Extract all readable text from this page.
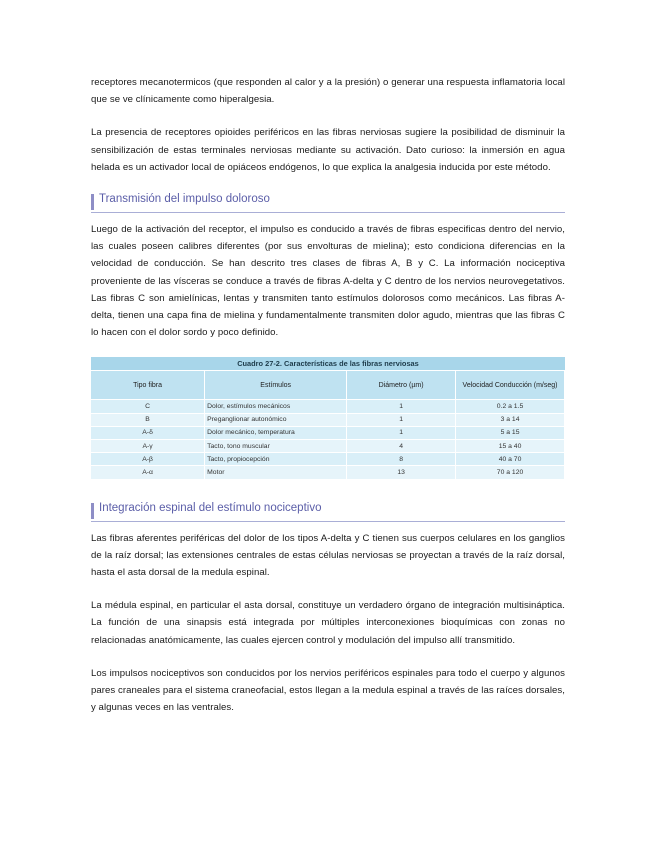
receptores mecanotermicos (que responden al calor y a la presión) o generar una respuesta inflamatoria local que se ve clínicamente como hiperalgesia.

La presencia de receptores opioides periféricos en las fibras nerviosas sugiere la posibilidad de disminuir la sensibilización de estas terminales nerviosas mediante su activación. Dato curioso: la inmersión en agua helada es un activador local de opiáceos endógenos, lo que explica la analgesia inducida por este método.

Transmisión del impulso doloroso

Luego de la activación del receptor, el impulso es conducido a través de fibras especificas dentro del nervio, las cuales poseen calibres diferentes (por sus envolturas de mielina); esto condiciona diferencias en la velocidad de conducción. Se han descrito tres clases de fibras A, B y C. La información nociceptiva proveniente de las vísceras se conduce a través de fibras A-delta y C dentro de los nervios neurovegetativos. Las fibras C son amielínicas, lentas y transmiten tanto estímulos dolorosos como mecánicos. Las fibras A-delta, tienen una capa fina de mielina y fundamentalmente transmiten dolor agudo, mientras que las fibras C lo hacen con el dolor sordo y poco definido.

Cuadro 27-2. Características de las fibras nerviosas
Tipo fibra	Estímulos	Diámetro (µm)	Velocidad Conducción (m/seg)
C	Dolor, estímulos mecánicos	1	0.2 a 1.5
B	Preganglionar autonómico	1	3 a 14
A-δ	Dolor mecánico, temperatura	1	5 a 15
A-γ	Tacto, tono muscular	4	15 a 40
A-β	Tacto, propiocepción	8	40 a 70
A-α	Motor	13	70 a 120
Integración espinal del estímulo nociceptivo

Las fibras aferentes periféricas del dolor de los tipos A-delta y C tienen sus cuerpos celulares en los ganglios de la raíz dorsal; las extensiones centrales de estas células nerviosas se proyectan a través de la raíz dorsal, hasta el asta dorsal de la medula espinal.

La médula espinal, en particular el asta dorsal, constituye un verdadero órgano de integración multisináptica. La función de una sinapsis está integrada por múltiples interconexiones bioquímicas con zonas no relacionadas anatómicamente, las cuales ejercen control y modulación del impulso allí transmitido.

Los impulsos nociceptivos son conducidos por los nervios periféricos espinales para todo el cuerpo y algunos pares craneales para el sistema craneofacial, estos llegan a la medula espinal a través de las raíces dorsales, y algunas veces en las ventrales.
